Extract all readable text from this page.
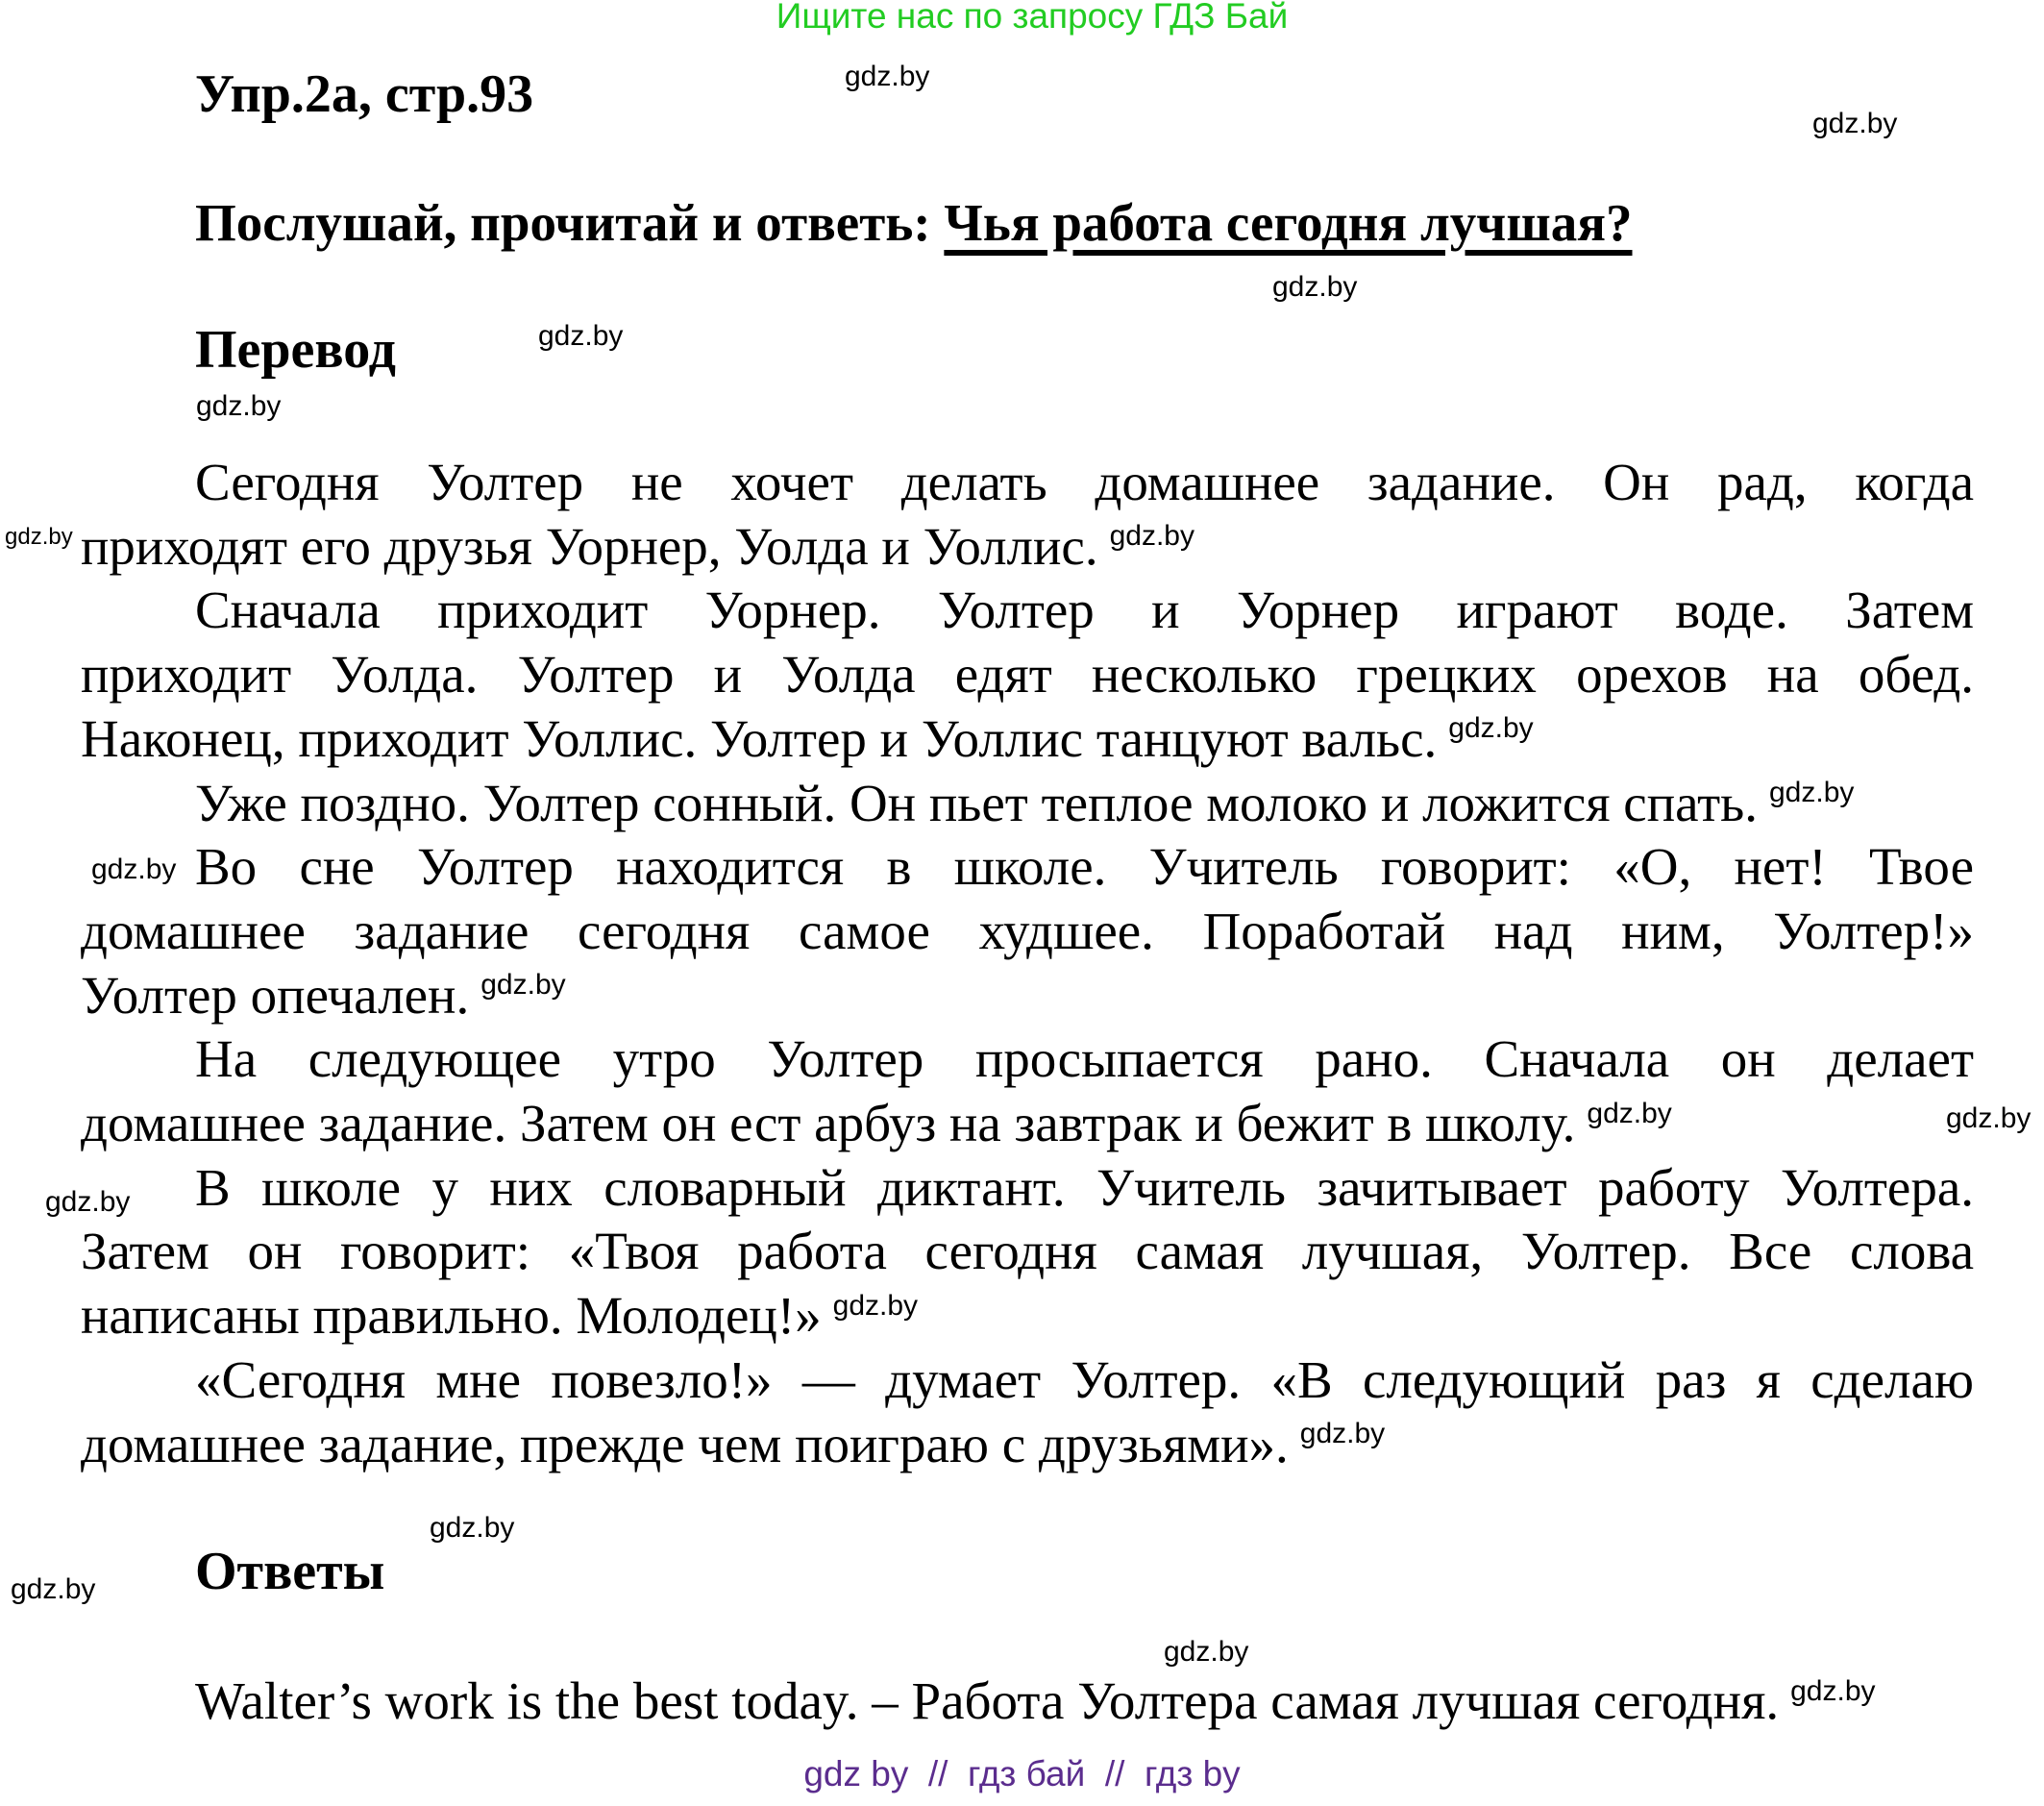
Ищите нас по запросу ГДЗ Бай
Упр.2а, стр.93
Послушай, прочитай и ответь: Чья работа сегодня лучшая?
Перевод
Сегодня Уолтер не хочет делать домашнее задание. Он рад, когда
приходят его друзья Уорнер, Уолда и Уоллис. $^{gdz.by}$
Сначала приходит Уорнер. Уолтер и Уорнер играют воде. Затем
приходит Уолда. Уолтер и Уолда едят несколько грецких орехов на обед.
Наконец, приходит Уоллис. Уолтер и Уоллис танцуют вальс. $^{gdz.by}$
Уже поздно. Уолтер сонный. Он пьет теплое молоко и ложится спать. $^{gdz.by}$
Во сне Уолтер находится в школе. Учитель говорит: «О, нет! Твое
домашнее задание сегодня самое худшее. Поработай над ним, Уолтер!»
Уолтер опечален. $^{gdz.by}$
На следующее утро Уолтер просыпается рано. Сначала он делает
домашнее задание. Затем он ест арбуз на завтрак и бежит в школу. $^{gdz.by}$
В школе у них словарный диктант. Учитель зачитывает работу Уолтера.
Затем он говорит: «Твоя работа сегодня самая лучшая, Уолтер. Все слова
написаны правильно. Молодец!» $^{gdz.by}$
«Сегодня мне повезло!» — думает Уолтер. «В следующий раз я сделаю
домашнее задание, прежде чем поиграю с друзьями». $^{gdz.by}$
Ответы
Walter’s work is the best today. – Работа Уолтера самая лучшая сегодня. $^{gdz.by}$
gdz by  //  гдз бай  //  гдз by
gdz.by
gdz.by
gdz.by
gdz.by
gdz.by
gdz.by
gdz.by
gdz.by
gdz.by
gdz.by
gdz.by
gdz.by
